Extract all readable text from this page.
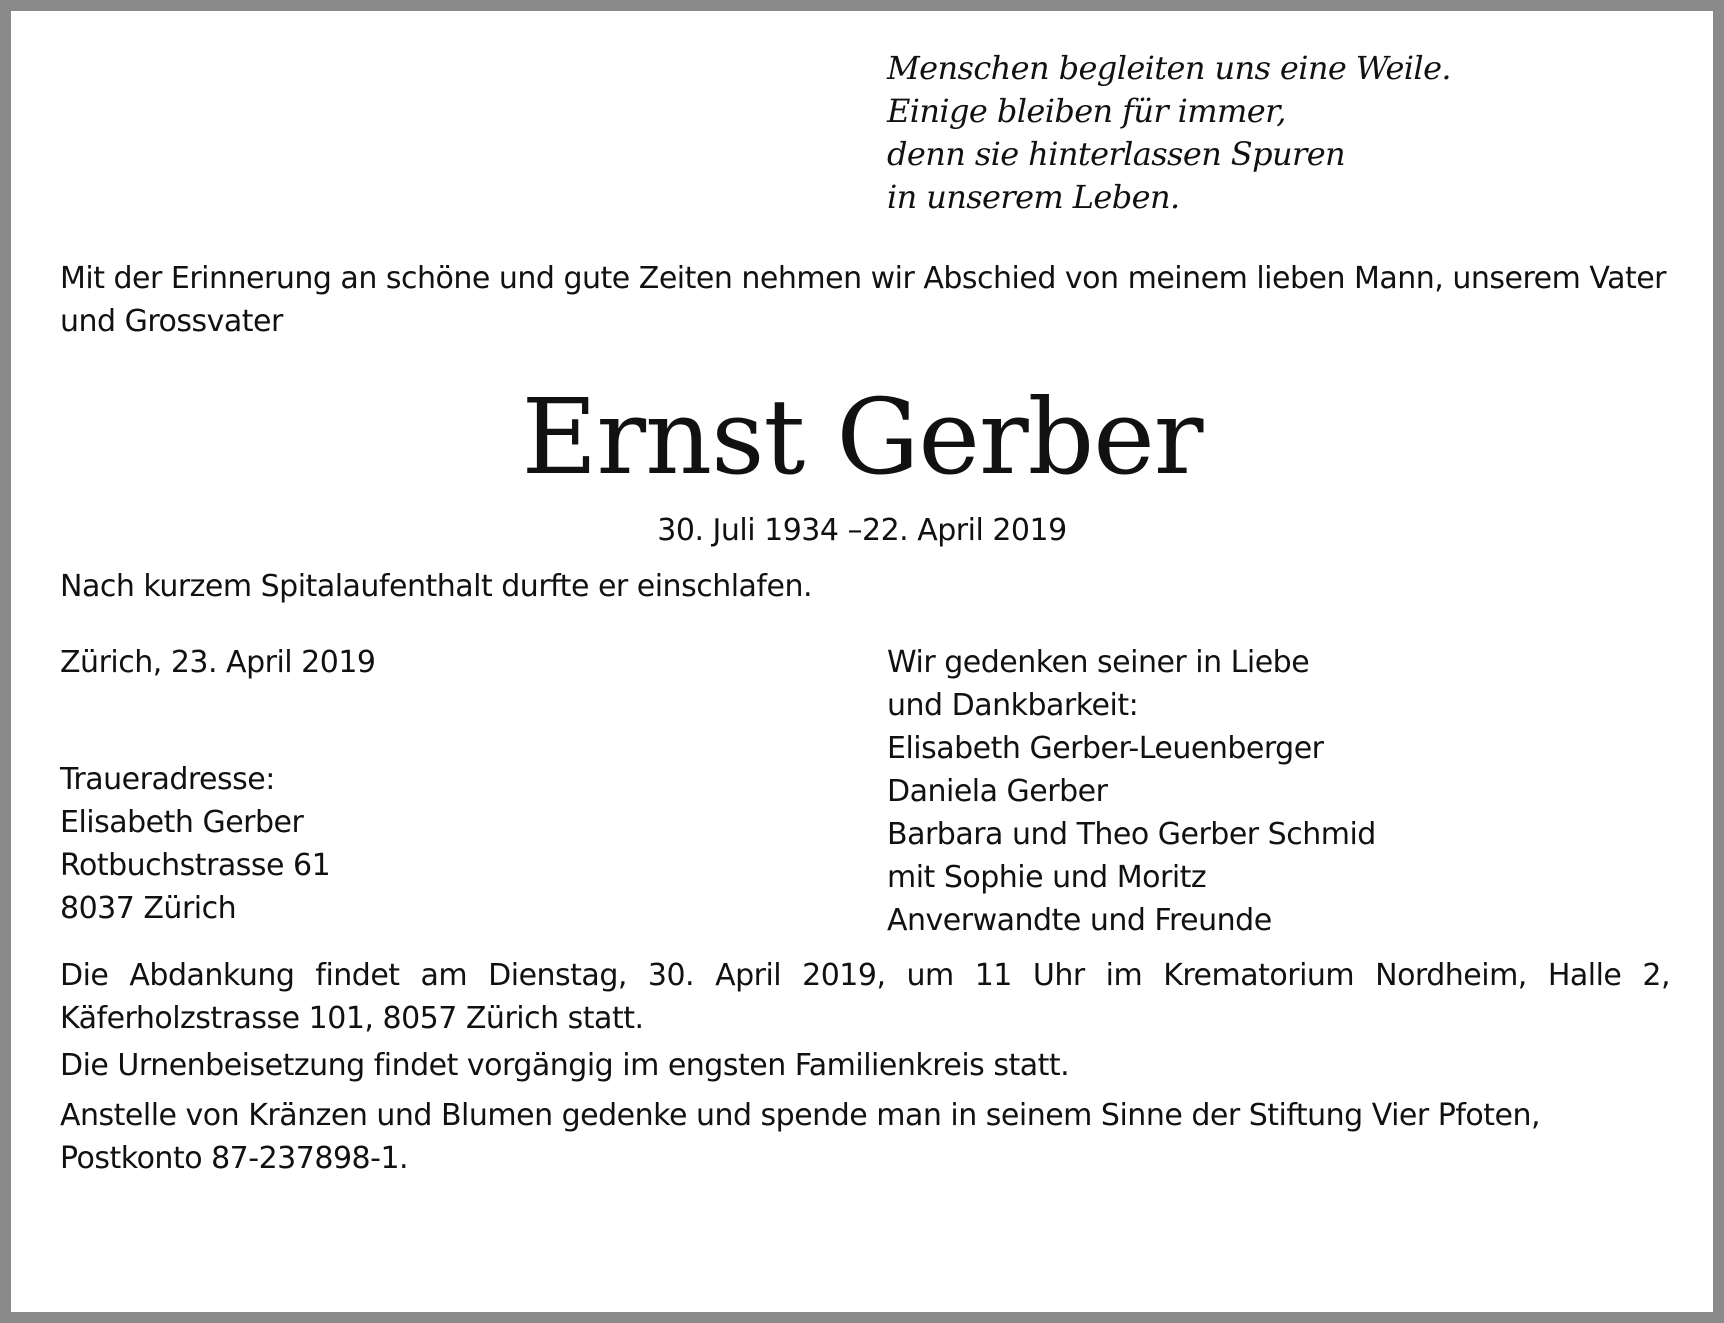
Menschen begleiten uns eine Weile.
Einige bleiben für immer,
denn sie hinterlassen Spuren
in unserem Leben.
Mit der Erinnerung an schöne und gute Zeiten nehmen wir Abschied von meinem lieben Mann, unserem Vater und Grossvater
Ernst Gerber
30. Juli 1934 –22. April 2019
Nach kurzem Spitalaufenthalt durfte er einschlafen.
Zürich, 23. April 2019
Traueradresse:
Elisabeth Gerber
Rotbuchstrasse 61
8037 Zürich
Wir gedenken seiner in Liebe
und Dankbarkeit:
Elisabeth Gerber-Leuenberger
Daniela Gerber
Barbara und Theo Gerber Schmid
mit Sophie und Moritz
Anverwandte und Freunde
Die Abdankung findet am Dienstag, 30. April 2019, um 11 Uhr im Krematorium Nordheim, Halle 2, Käferholzstrasse 101, 8057 Zürich statt.
Die Urnenbeisetzung findet vorgängig im engsten Familienkreis statt.
Anstelle von Kränzen und Blumen gedenke und spende man in seinem Sinne der Stiftung Vier Pfoten, Postkonto 87-237898-1.
